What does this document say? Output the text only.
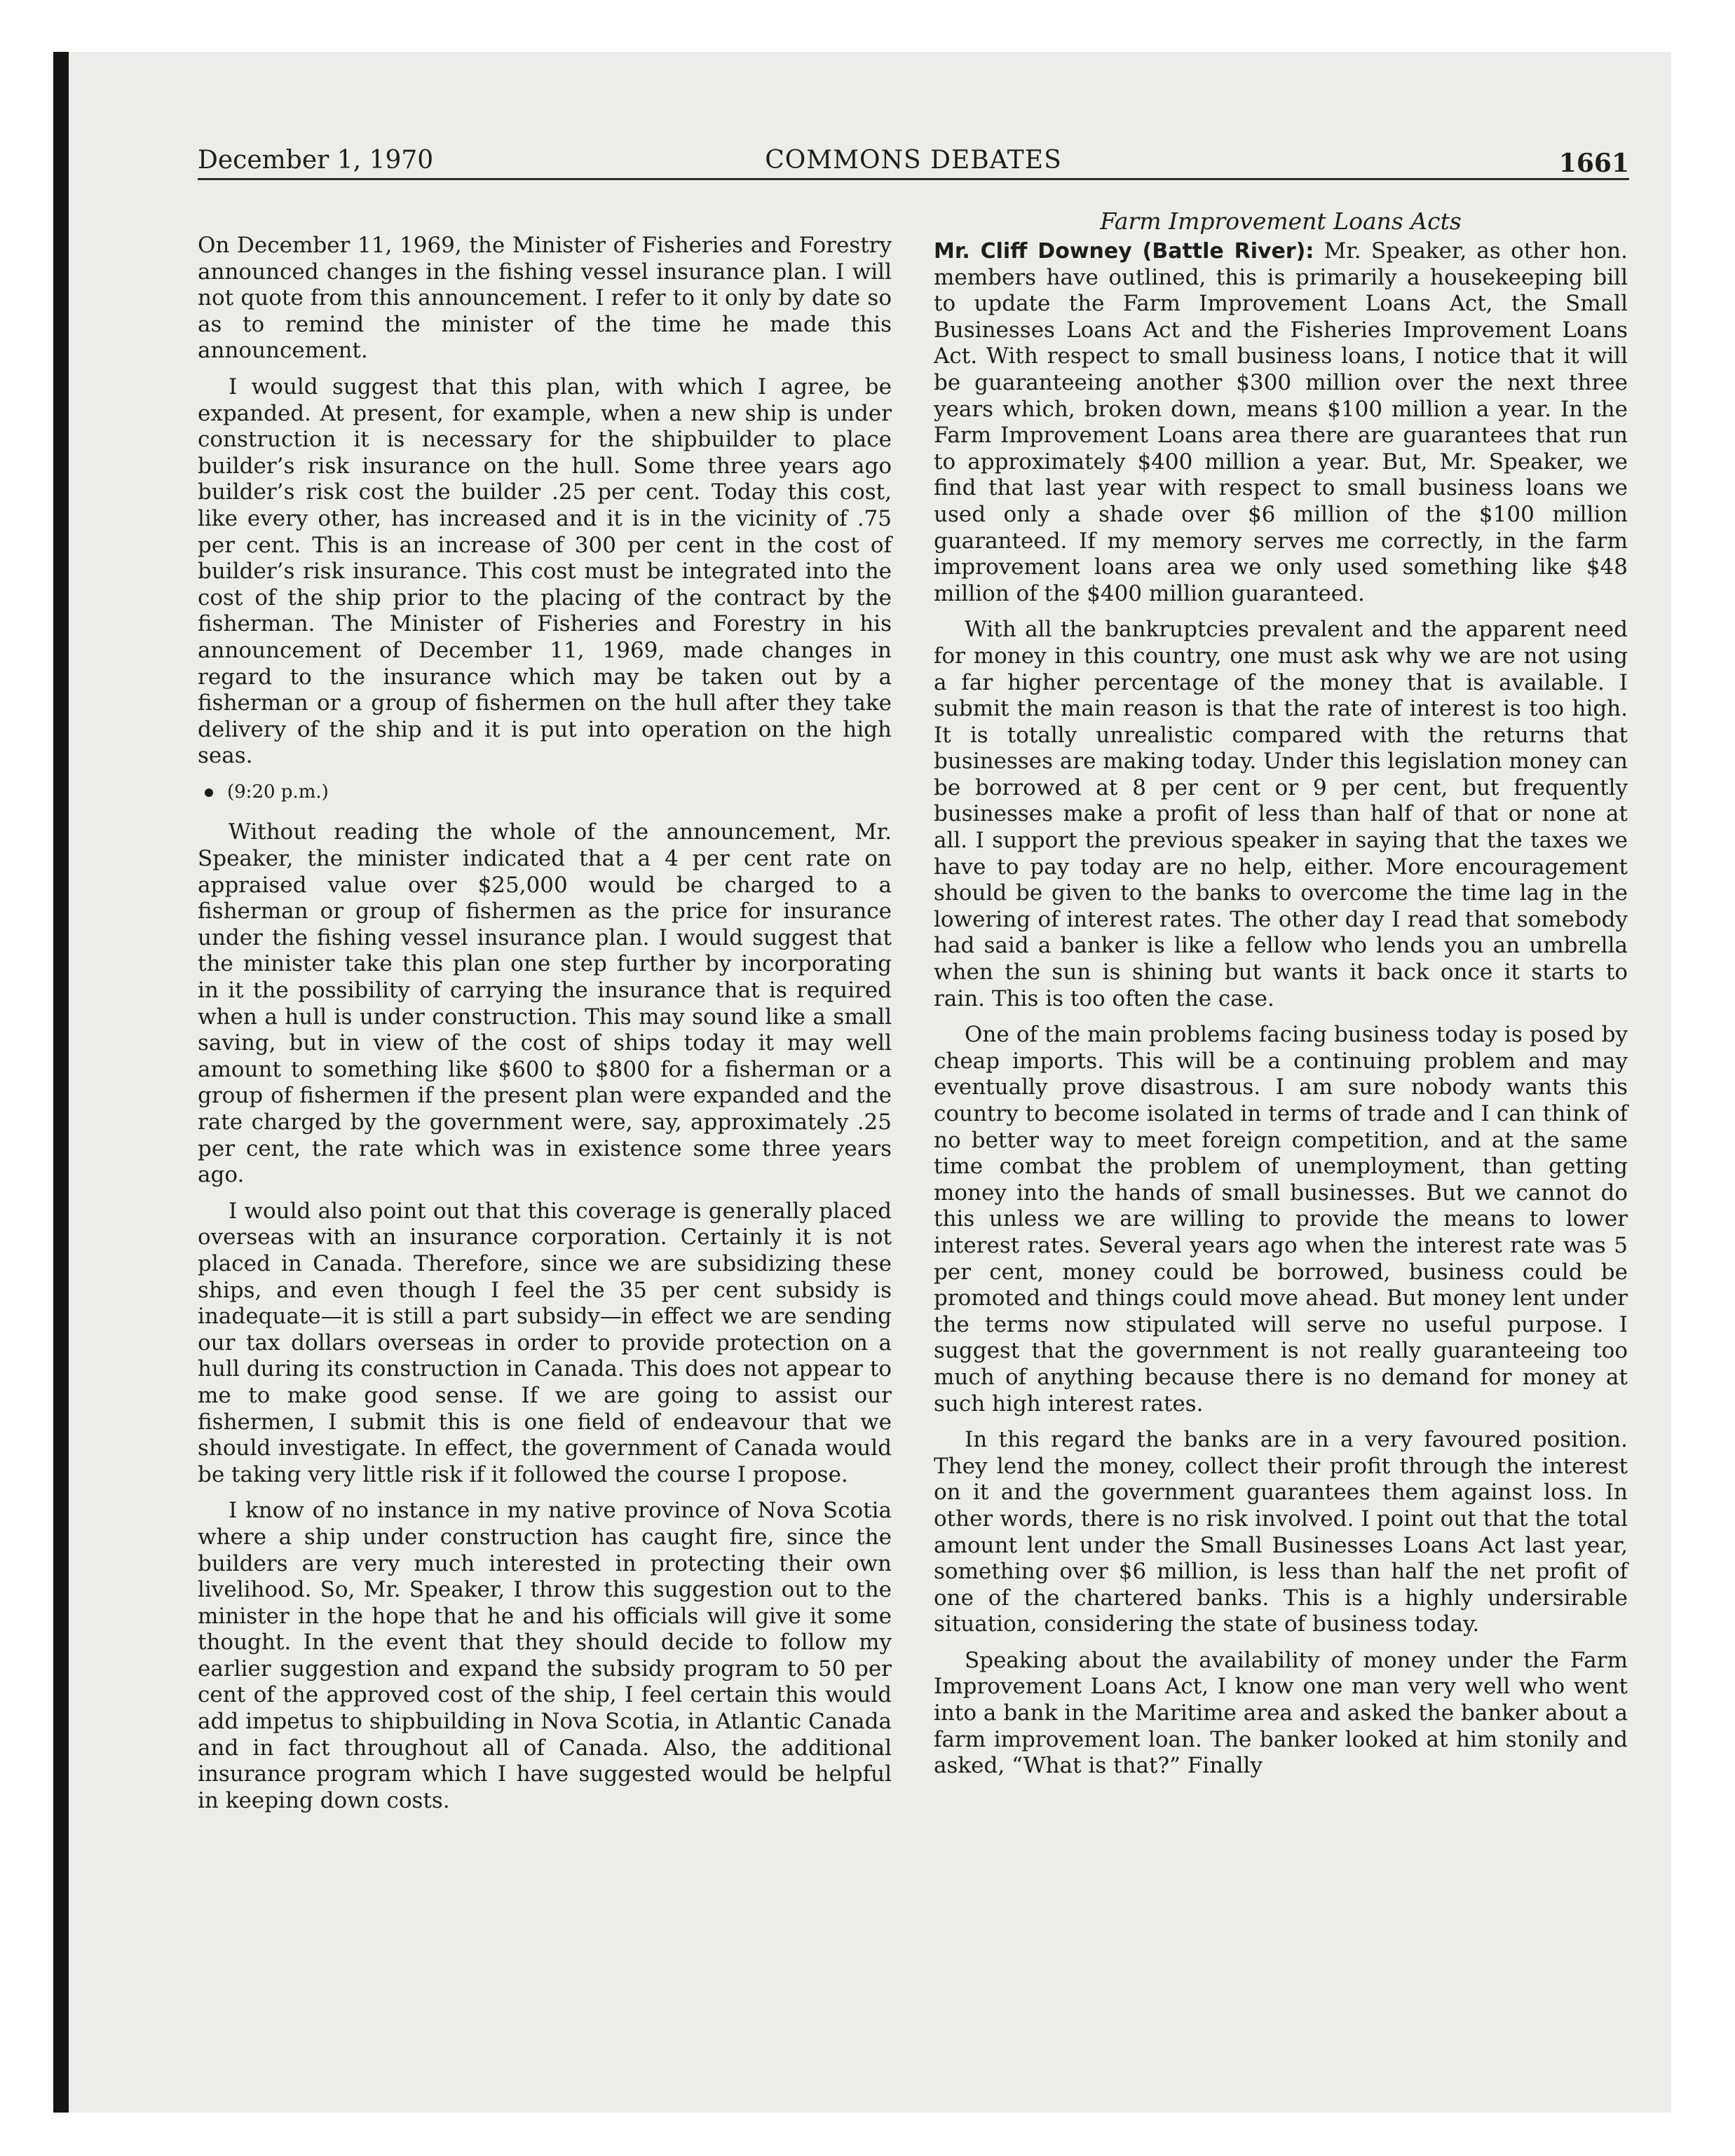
December 1, 1970	COMMONS DEBATES	1661

On December 11, 1969, the Minister of Fisheries and Forestry announced changes in the fishing vessel insurance plan. I will not quote from this announcement. I refer to it only by date so as to remind the minister of the time he made this announcement.

I would suggest that this plan, with which I agree, be expanded. At present, for example, when a new ship is under construction it is necessary for the shipbuilder to place builder’s risk insurance on the hull. Some three years ago builder’s risk cost the builder .25 per cent. Today this cost, like every other, has increased and it is in the vicinity of .75 per cent. This is an increase of 300 per cent in the cost of builder’s risk insurance. This cost must be integrated into the cost of the ship prior to the placing of the contract by the fisherman. The Minister of Fisheries and Forestry in his announcement of December 11, 1969, made changes in regard to the insurance which may be taken out by a fisherman or a group of fishermen on the hull after they take delivery of the ship and it is put into operation on the high seas.

(9:20 p.m.)

Without reading the whole of the announcement, Mr. Speaker, the minister indicated that a 4 per cent rate on appraised value over $25,000 would be charged to a fisherman or group of fishermen as the price for insurance under the fishing vessel insurance plan. I would suggest that the minister take this plan one step further by incorporating in it the possibility of carrying the insurance that is required when a hull is under construction. This may sound like a small saving, but in view of the cost of ships today it may well amount to something like $600 to $800 for a fisherman or a group of fishermen if the present plan were expanded and the rate charged by the government were, say, approximately .25 per cent, the rate which was in existence some three years ago.

I would also point out that this coverage is generally placed overseas with an insurance corporation. Certainly it is not placed in Canada. Therefore, since we are subsidizing these ships, and even though I feel the 35 per cent subsidy is inadequate—it is still a part subsidy—in effect we are sending our tax dollars overseas in order to provide protection on a hull during its construction in Canada. This does not appear to me to make good sense. If we are going to assist our fishermen, I submit this is one field of endeavour that we should investigate. In effect, the government of Canada would be taking very little risk if it followed the course I propose.

I know of no instance in my native province of Nova Scotia where a ship under construction has caught fire, since the builders are very much interested in protecting their own livelihood. So, Mr. Speaker, I throw this suggestion out to the minister in the hope that he and his officials will give it some thought. In the event that they should decide to follow my earlier suggestion and expand the subsidy program to 50 per cent of the approved cost of the ship, I feel certain this would add impetus to shipbuilding in Nova Scotia, in Atlantic Canada and in fact throughout all of Canada. Also, the additional insurance program which I have suggested would be helpful in keeping down costs.

Farm Improvement Loans Acts

Mr. Cliff Downey (Battle River): Mr. Speaker, as other hon. members have outlined, this is primarily a housekeeping bill to update the Farm Improvement Loans Act, the Small Businesses Loans Act and the Fisheries Improvement Loans Act. With respect to small business loans, I notice that it will be guaranteeing another $300 million over the next three years which, broken down, means $100 million a year. In the Farm Improvement Loans area there are guarantees that run to approximately $400 million a year. But, Mr. Speaker, we find that last year with respect to small business loans we used only a shade over $6 million of the $100 million guaranteed. If my memory serves me correctly, in the farm improvement loans area we only used something like $48 million of the $400 million guaranteed.

With all the bankruptcies prevalent and the apparent need for money in this country, one must ask why we are not using a far higher percentage of the money that is available. I submit the main reason is that the rate of interest is too high. It is totally unrealistic compared with the returns that businesses are making today. Under this legislation money can be borrowed at 8 per cent or 9 per cent, but frequently businesses make a profit of less than half of that or none at all. I support the previous speaker in saying that the taxes we have to pay today are no help, either. More encouragement should be given to the banks to overcome the time lag in the lowering of interest rates. The other day I read that somebody had said a banker is like a fellow who lends you an umbrella when the sun is shining but wants it back once it starts to rain. This is too often the case.

One of the main problems facing business today is posed by cheap imports. This will be a continuing problem and may eventually prove disastrous. I am sure nobody wants this country to become isolated in terms of trade and I can think of no better way to meet foreign competition, and at the same time combat the problem of unemployment, than getting money into the hands of small businesses. But we cannot do this unless we are willing to provide the means to lower interest rates. Several years ago when the interest rate was 5 per cent, money could be borrowed, business could be promoted and things could move ahead. But money lent under the terms now stipulated will serve no useful purpose. I suggest that the government is not really guaranteeing too much of anything because there is no demand for money at such high interest rates.

In this regard the banks are in a very favoured position. They lend the money, collect their profit through the interest on it and the government guarantees them against loss. In other words, there is no risk involved. I point out that the total amount lent under the Small Businesses Loans Act last year, something over $6 million, is less than half the net profit of one of the chartered banks. This is a highly undersirable situation, considering the state of business today.

Speaking about the availability of money under the Farm Improvement Loans Act, I know one man very well who went into a bank in the Maritime area and asked the banker about a farm improvement loan. The banker looked at him stonily and asked, “What is that?” Finally
